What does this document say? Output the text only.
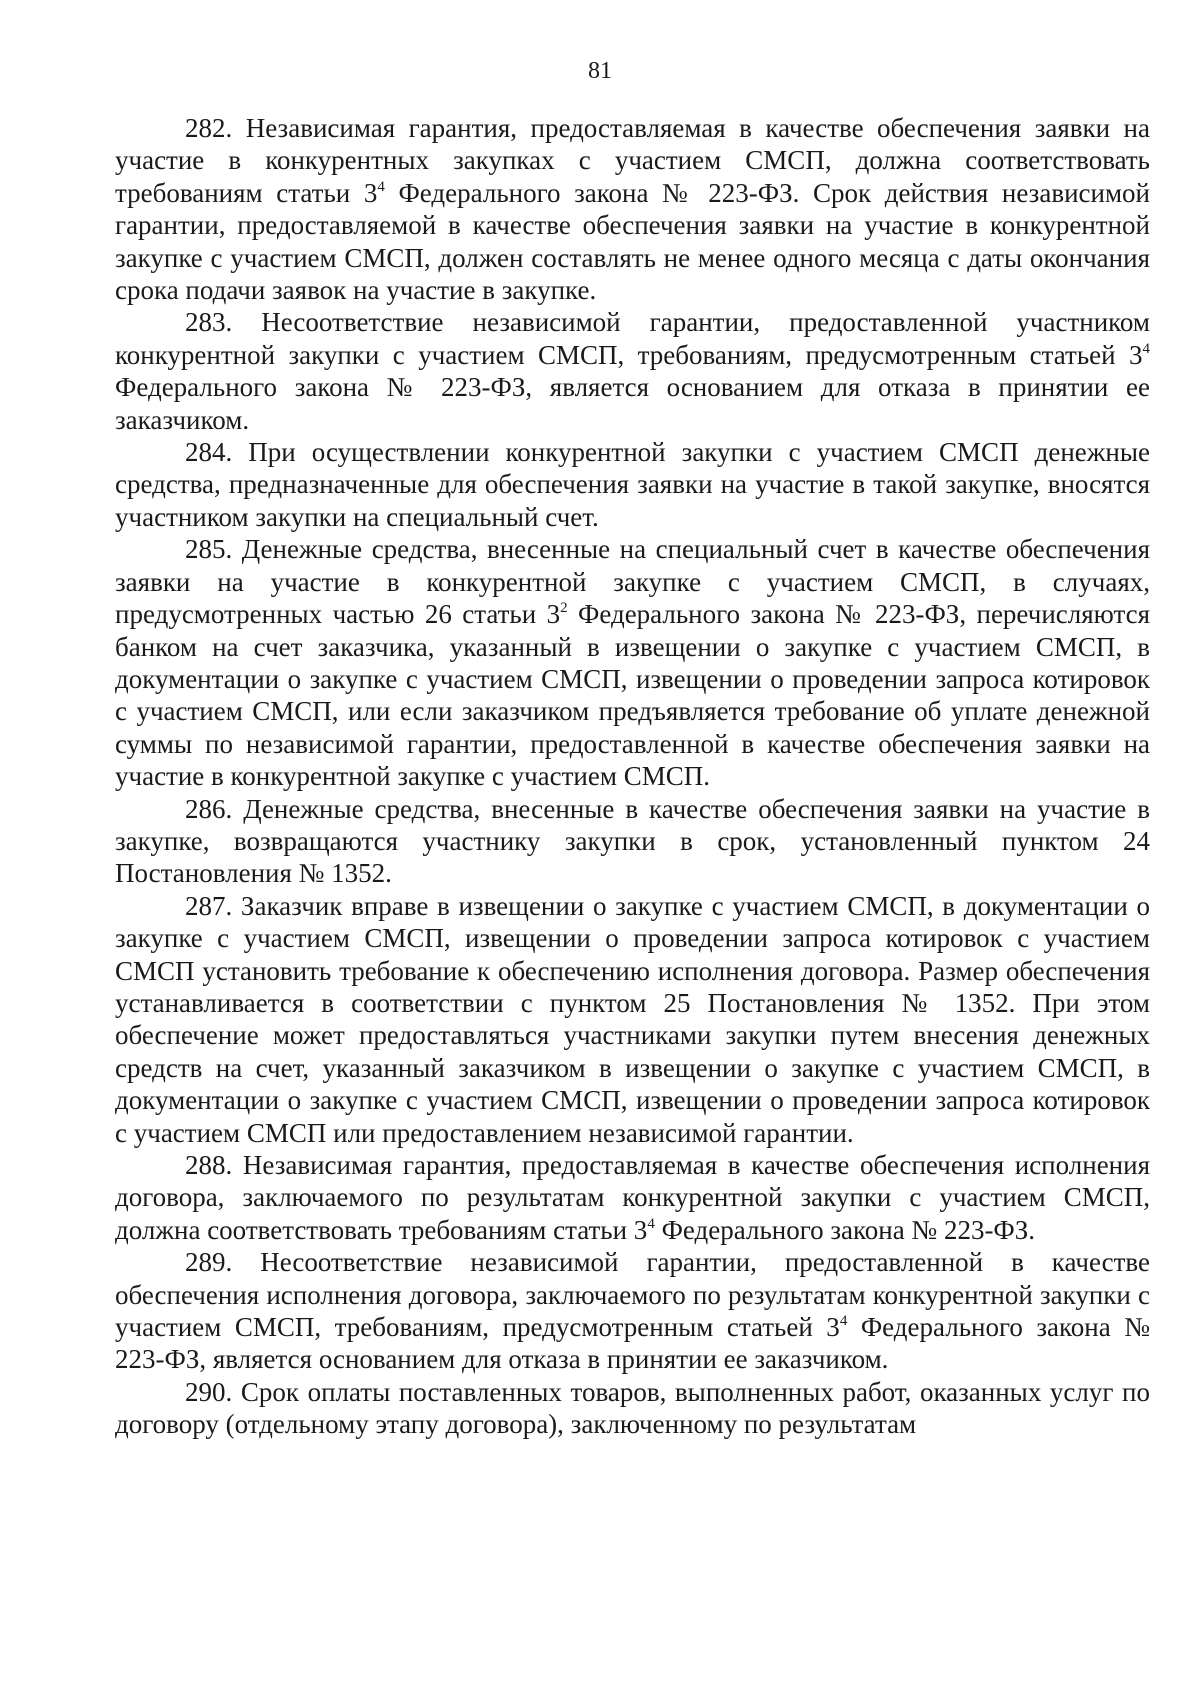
81

282. Независимая гарантия, предоставляемая в качестве обеспечения заявки на участие в конкурентных закупках с участием СМСП, должна соответствовать требованиям статьи $3^4$ Федерального закона № 223-ФЗ. Срок действия независимой гарантии, предоставляемой в качестве обеспечения заявки на участие в конкурентной закупке с участием СМСП, должен составлять не менее одного месяца с даты окончания срока подачи заявок на участие в закупке.

283. Несоответствие независимой гарантии, предоставленной участником конкурентной закупки с участием СМСП, требованиям, предусмотренным статьей $3^4$ Федерального закона № 223-ФЗ, является основанием для отказа в принятии ее заказчиком.

284. При осуществлении конкурентной закупки с участием СМСП денежные средства, предназначенные для обеспечения заявки на участие в такой закупке, вносятся участником закупки на специальный счет.

285. Денежные средства, внесенные на специальный счет в качестве обеспечения заявки на участие в конкурентной закупке с участием СМСП, в случаях, предусмотренных частью 26 статьи $3^2$ Федерального закона № 223-ФЗ, перечисляются банком на счет заказчика, указанный в извещении о закупке с участием СМСП, в документации о закупке с участием СМСП, извещении о проведении запроса котировок с участием СМСП, или если заказчиком предъявляется требование об уплате денежной суммы по независимой гарантии, предоставленной в качестве обеспечения заявки на участие в конкурентной закупке с участием СМСП.

286. Денежные средства, внесенные в качестве обеспечения заявки на участие в закупке, возвращаются участнику закупки в срок, установленный пунктом 24 Постановления № 1352.

287. Заказчик вправе в извещении о закупке с участием СМСП, в документации о закупке с участием СМСП, извещении о проведении запроса котировок с участием СМСП установить требование к обеспечению исполнения договора. Размер обеспечения устанавливается в соответствии с пунктом 25 Постановления № 1352. При этом обеспечение может предоставляться участниками закупки путем внесения денежных средств на счет, указанный заказчиком в извещении о закупке с участием СМСП, в документации о закупке с участием СМСП, извещении о проведении запроса котировок с участием СМСП или предоставлением независимой гарантии.

288. Независимая гарантия, предоставляемая в качестве обеспечения исполнения договора, заключаемого по результатам конкурентной закупки с участием СМСП, должна соответствовать требованиям статьи $3^4$ Федерального закона № 223-ФЗ.

289. Несоответствие независимой гарантии, предоставленной в качестве обеспечения исполнения договора, заключаемого по результатам конкурентной закупки с участием СМСП, требованиям, предусмотренным статьей $3^4$ Федерального закона № 223-ФЗ, является основанием для отказа в принятии ее заказчиком.

290. Срок оплаты поставленных товаров, выполненных работ, оказанных услуг по договору (отдельному этапу договора), заключенному по результатам
